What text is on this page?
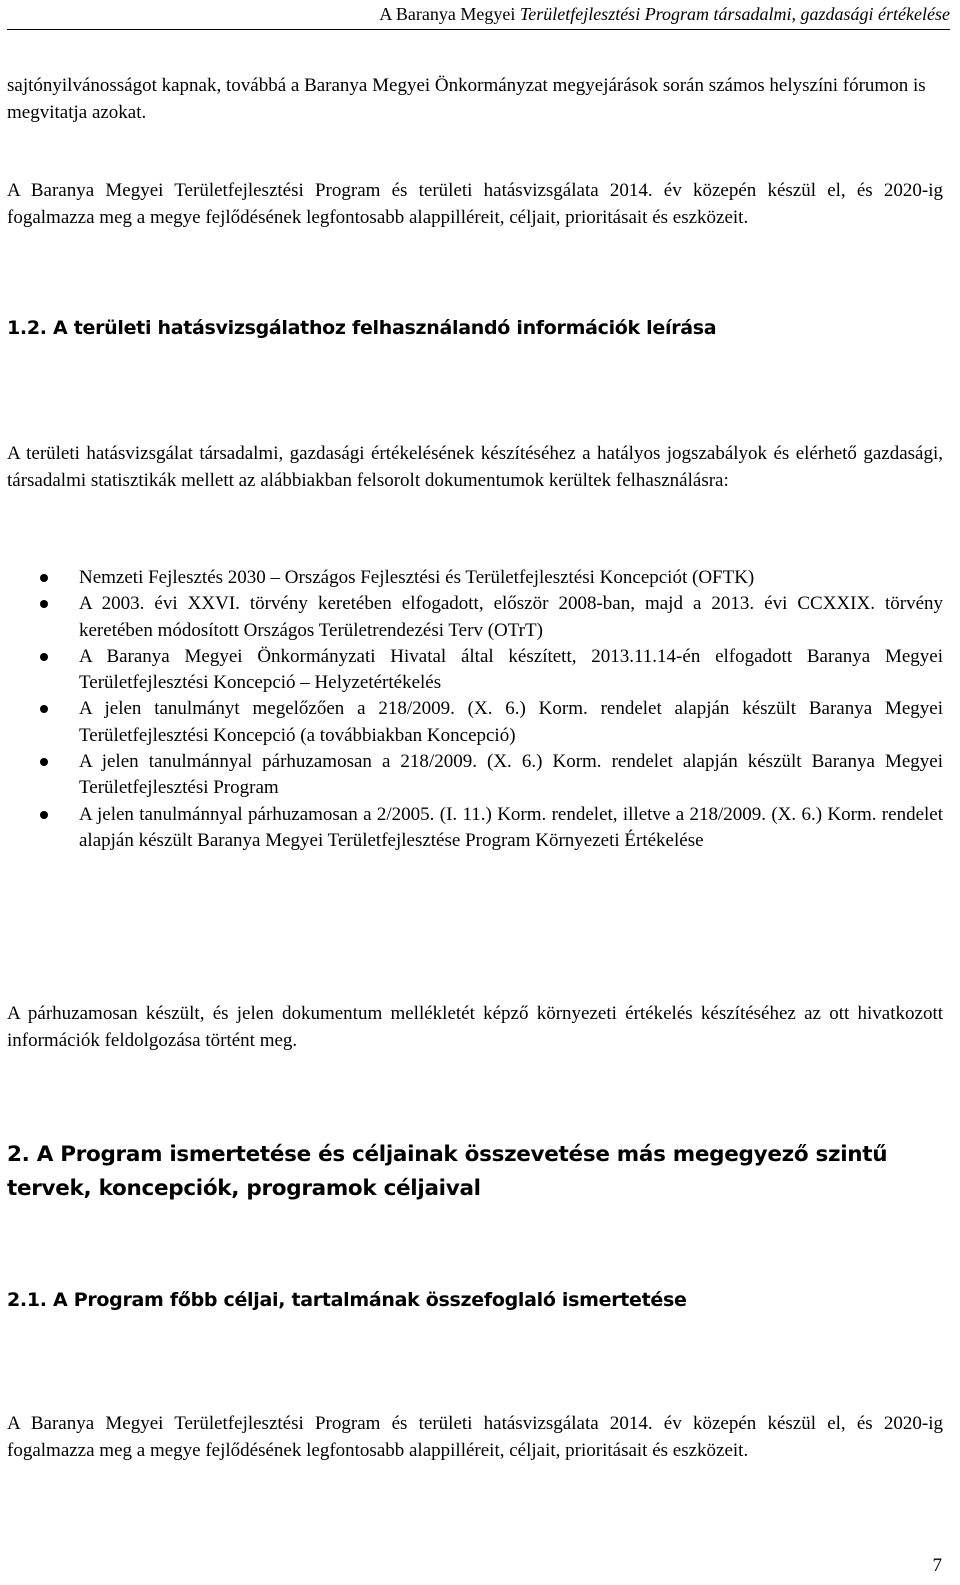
A Baranya Megyei Területfejlesztési Program társadalmi, gazdasági értékelése

sajtónyilvánosságot kapnak, továbbá a Baranya Megyei Önkormányzat megyejárások során számos helyszíni fórumon is megvitatja azokat.

A Baranya Megyei Területfejlesztési Program és területi hatásvizsgálata 2014. év közepén készül el, és 2020-ig fogalmazza meg a megye fejlődésének legfontosabb alappilléreit, céljait, prioritásait és eszközeit.

1.2. A területi hatásvizsgálathoz felhasználandó információk leírása

A területi hatásvizsgálat társadalmi, gazdasági értékelésének készítéséhez a hatályos jogszabályok és elérhető gazdasági, társadalmi statisztikák mellett az alábbiakban felsorolt dokumentumok kerültek felhasználásra:

Nemzeti Fejlesztés 2030 – Országos Fejlesztési és Területfejlesztési Koncepciót (OFTK)
A 2003. évi XXVI. törvény keretében elfogadott, először 2008-ban, majd a 2013. évi CCXXIX. törvény keretében módosított Országos Területrendezési Terv (OTrT)
A Baranya Megyei Önkormányzati Hivatal által készített, 2013.11.14-én elfogadott Baranya Megyei Területfejlesztési Koncepció – Helyzetértékelés
A jelen tanulmányt megelőzően a 218/2009. (X. 6.) Korm. rendelet alapján készült Baranya Megyei Területfejlesztési Koncepció (a továbbiakban Koncepció)
A jelen tanulmánnyal párhuzamosan a 218/2009. (X. 6.) Korm. rendelet alapján készült Baranya Megyei Területfejlesztési Program
A jelen tanulmánnyal párhuzamosan a 2/2005. (I. 11.) Korm. rendelet, illetve a 218/2009. (X. 6.) Korm. rendelet alapján készült Baranya Megyei Területfejlesztése Program Környezeti Értékelése

A párhuzamosan készült, és jelen dokumentum mellékletét képző környezeti értékelés készítéséhez az ott hivatkozott információk feldolgozása történt meg.

2. A Program ismertetése és céljainak összevetése más megegyező szintű tervek, koncepciók, programok céljaival
2.1. A Program főbb céljai, tartalmának összefoglaló ismertetése

A Baranya Megyei Területfejlesztési Program és területi hatásvizsgálata 2014. év közepén készül el, és 2020-ig fogalmazza meg a megye fejlődésének legfontosabb alappilléreit, céljait, prioritásait és eszközeit.

7
